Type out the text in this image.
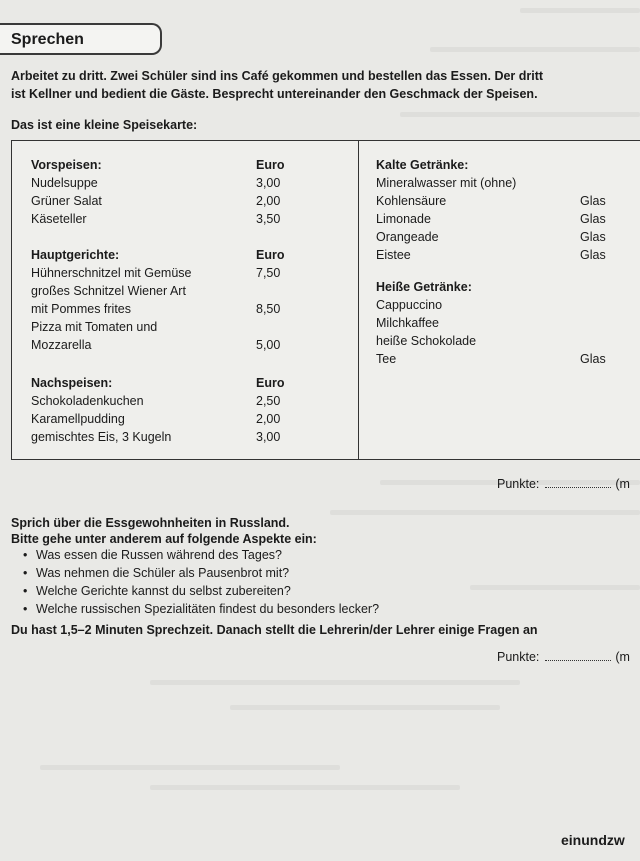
Sprechen
Arbeitet zu dritt. Zwei Schüler sind ins Café gekommen und bestellen das Essen. Der dritt
ist Kellner und bedient die Gäste. Besprecht untereinander den Geschmack der Speisen.
Das ist eine kleine Speisekarte:
Vorspeisen:	Euro
Nudelsuppe	3,00
Grüner Salat	2,00
Käseteller	3,50
Hauptgerichte:	Euro
Hühnerschnitzel mit Gemüse	7,50
großes Schnitzel Wiener Art
mit Pommes frites	8,50
Pizza mit Tomaten und
Mozzarella	5,00
Nachspeisen:	Euro
Schokoladenkuchen	2,50
Karamellpudding	2,00
gemischtes Eis, 3 Kugeln	3,00
Kalte Getränke:
Mineralwasser mit (ohne)
Kohlensäure	Glas
Limonade	Glas
Orangeade	Glas
Eistee	Glas
Heiße Getränke:
Cappuccino
Milchkaffee
heiße Schokolade
Tee	Glas
Punkte:	(m
Sprich über die Essgewohnheiten in Russland.
Bitte gehe unter anderem auf folgende Aspekte ein:
• Was essen die Russen während des Tages?
• Was nehmen die Schüler als Pausenbrot mit?
• Welche Gerichte kannst du selbst zubereiten?
• Welche russischen Spezialitäten findest du besonders lecker?
Du hast 1,5–2 Minuten Sprechzeit. Danach stellt die Lehrerin/der Lehrer einige Fragen an
Punkte:	(m
einundzw
